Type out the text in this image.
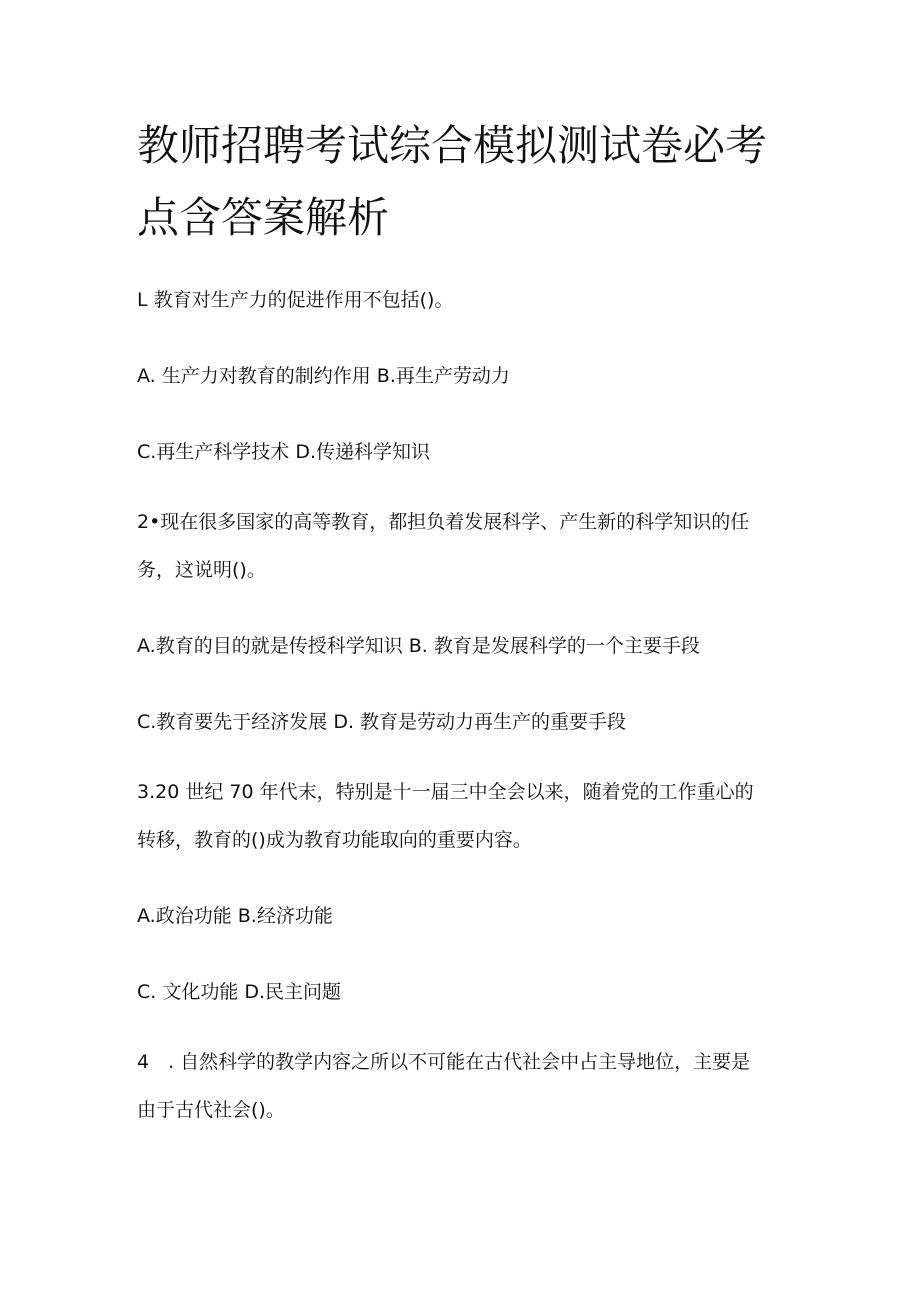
教师招聘考试综合模拟测试卷必考
点含答案解析

L 教育对生产力的促进作用不包括()。

A. 生产力对教育的制约作用 B.再生产劳动力

C.再生产科学技术 D.传递科学知识

2•现在很多国家的高等教育，都担负着发展科学、产生新的科学知识的任

务，这说明()。

A.教育的目的就是传授科学知识 B. 教育是发展科学的一个主要手段

C.教育要先于经济发展 D. 教育是劳动力再生产的重要手段

3.20 世纪 70 年代末，特别是十一届三中全会以来，随着党的工作重心的

转移，教育的()成为教育功能取向的重要内容。

A.政治功能 B.经济功能

C. 文化功能 D.民主问题

4　. 自然科学的教学内容之所以不可能在古代社会中占主导地位，主要是

由于古代社会()。
